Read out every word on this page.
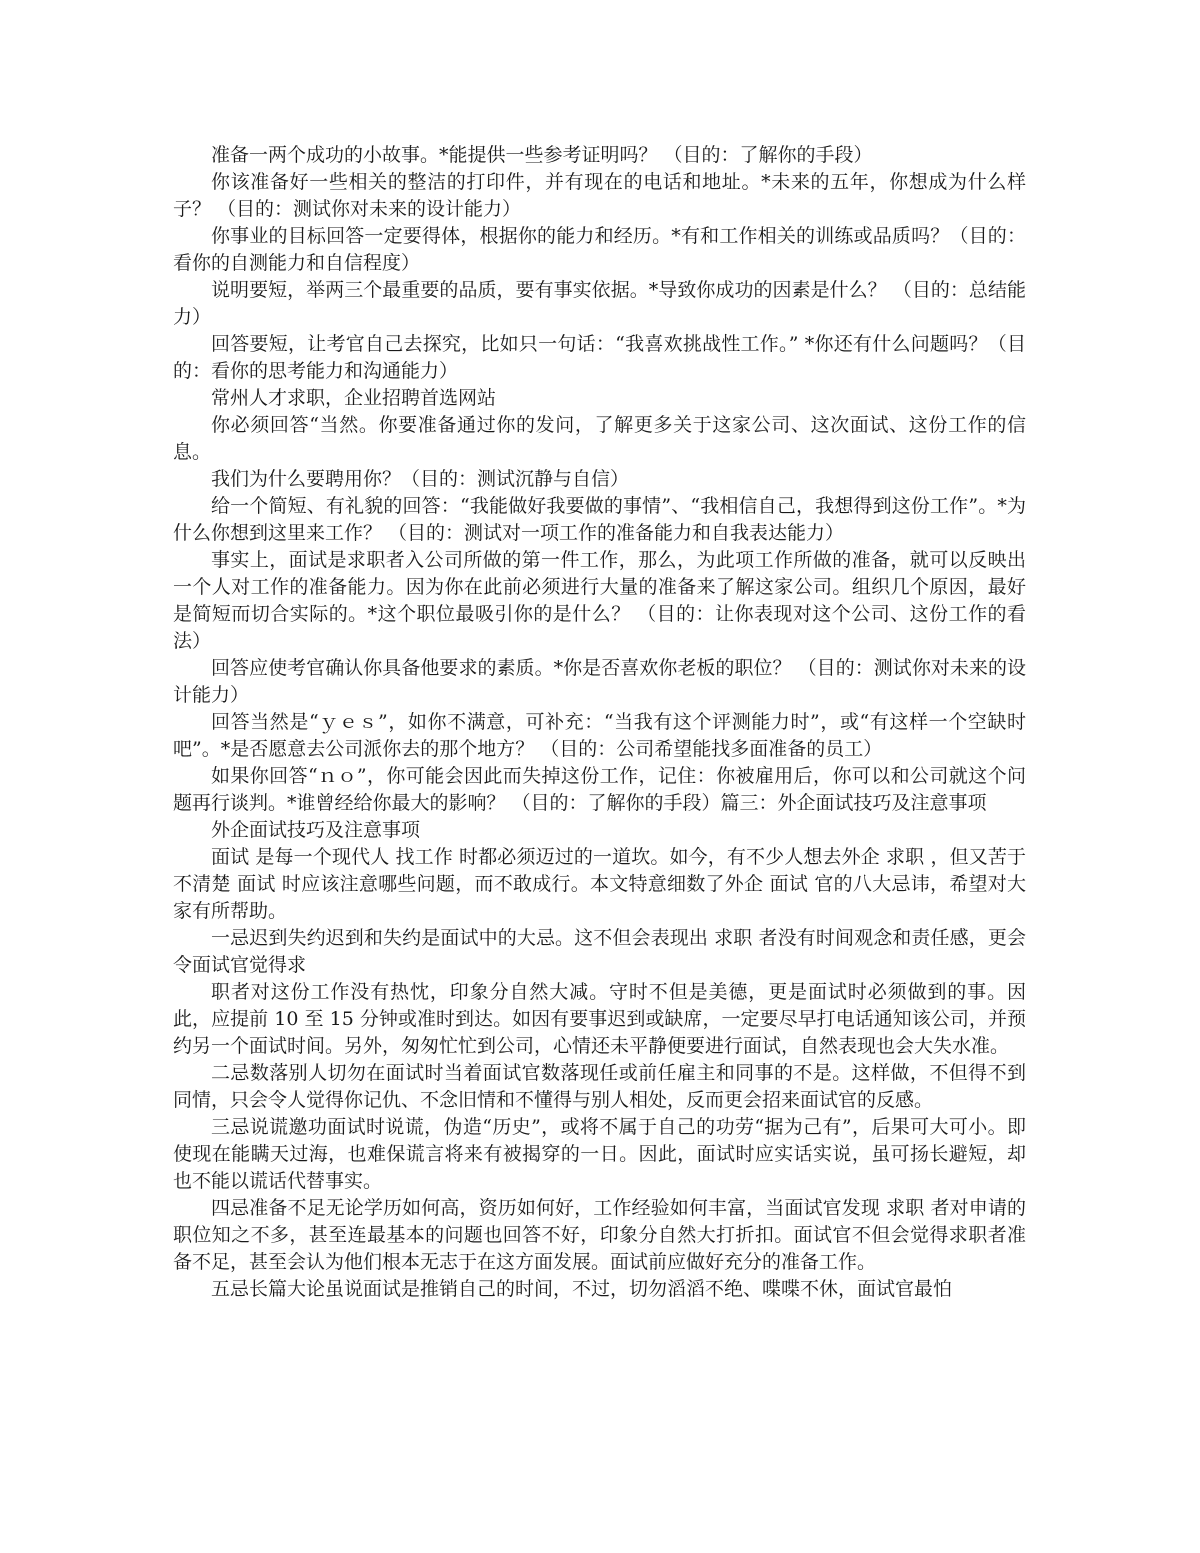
准备一两个成功的小故事。*能提供一些参考证明吗？ （目的：了解你的手段）

你该准备好一些相关的整洁的打印件，并有现在的电话和地址。*未来的五年，你想成为什么样子？ （目的：测试你对未来的设计能力）

你事业的目标回答一定要得体，根据你的能力和经历。*有和工作相关的训练或品质吗？（目的：看你的自测能力和自信程度）

说明要短，举两三个最重要的品质，要有事实依据。*导致你成功的因素是什么？ （目的：总结能力）

回答要短，让考官自己去探究，比如只一句话：“我喜欢挑战性工作。” *你还有什么问题吗？（目的：看你的思考能力和沟通能力）

常州人才求职，企业招聘首选网站

你必须回答“当然。你要准备通过你的发问，了解更多关于这家公司、这次面试、这份工作的信息。

我们为什么要聘用你？（目的：测试沉静与自信）

给一个简短、有礼貌的回答：“我能做好我要做的事情”、“我相信自己，我想得到这份工作”。*为什么你想到这里来工作？ （目的：测试对一项工作的准备能力和自我表达能力）

事实上，面试是求职者入公司所做的第一件工作，那么，为此项工作所做的准备，就可以反映出一个人对工作的准备能力。因为你在此前必须进行大量的准备来了解这家公司。组织几个原因，最好是简短而切合实际的。*这个职位最吸引你的是什么？ （目的：让你表现对这个公司、这份工作的看法）

回答应使考官确认你具备他要求的素质。*你是否喜欢你老板的职位？ （目的：测试你对未来的设计能力）

回答当然是“ｙｅｓ”，如你不满意，可补充：“当我有这个评测能力时”，或“有这样一个空缺时吧”。*是否愿意去公司派你去的那个地方？ （目的：公司希望能找多面准备的员工）

如果你回答“ｎｏ”，你可能会因此而失掉这份工作，记住：你被雇用后，你可以和公司就这个问题再行谈判。*谁曾经给你最大的影响？ （目的：了解你的手段）篇三：外企面试技巧及注意事项

外企面试技巧及注意事项

面试 是每一个现代人 找工作 时都必须迈过的一道坎。如今，有不少人想去外企 求职 ，但又苦于不清楚 面试 时应该注意哪些问题，而不敢成行。本文特意细数了外企 面试 官的八大忌讳，希望对大家有所帮助。

一忌迟到失约迟到和失约是面试中的大忌。这不但会表现出 求职 者没有时间观念和责任感，更会令面试官觉得求

职者对这份工作没有热忱，印象分自然大减。守时不但是美德，更是面试时必须做到的事。因此，应提前 10 至 15 分钟或准时到达。如因有要事迟到或缺席，一定要尽早打电话通知该公司，并预约另一个面试时间。另外，匆匆忙忙到公司，心情还未平静便要进行面试，自然表现也会大失水准。

二忌数落别人切勿在面试时当着面试官数落现任或前任雇主和同事的不是。这样做，不但得不到同情，只会令人觉得你记仇、不念旧情和不懂得与别人相处，反而更会招来面试官的反感。

三忌说谎邀功面试时说谎，伪造“历史”，或将不属于自己的功劳“据为己有”，后果可大可小。即使现在能瞒天过海，也难保谎言将来有被揭穿的一日。因此，面试时应实话实说，虽可扬长避短，却也不能以谎话代替事实。

四忌准备不足无论学历如何高，资历如何好，工作经验如何丰富，当面试官发现 求职 者对申请的职位知之不多，甚至连最基本的问题也回答不好，印象分自然大打折扣。面试官不但会觉得求职者准备不足，甚至会认为他们根本无志于在这方面发展。面试前应做好充分的准备工作。

五忌长篇大论虽说面试是推销自己的时间，不过，切勿滔滔不绝、喋喋不休，面试官最怕
